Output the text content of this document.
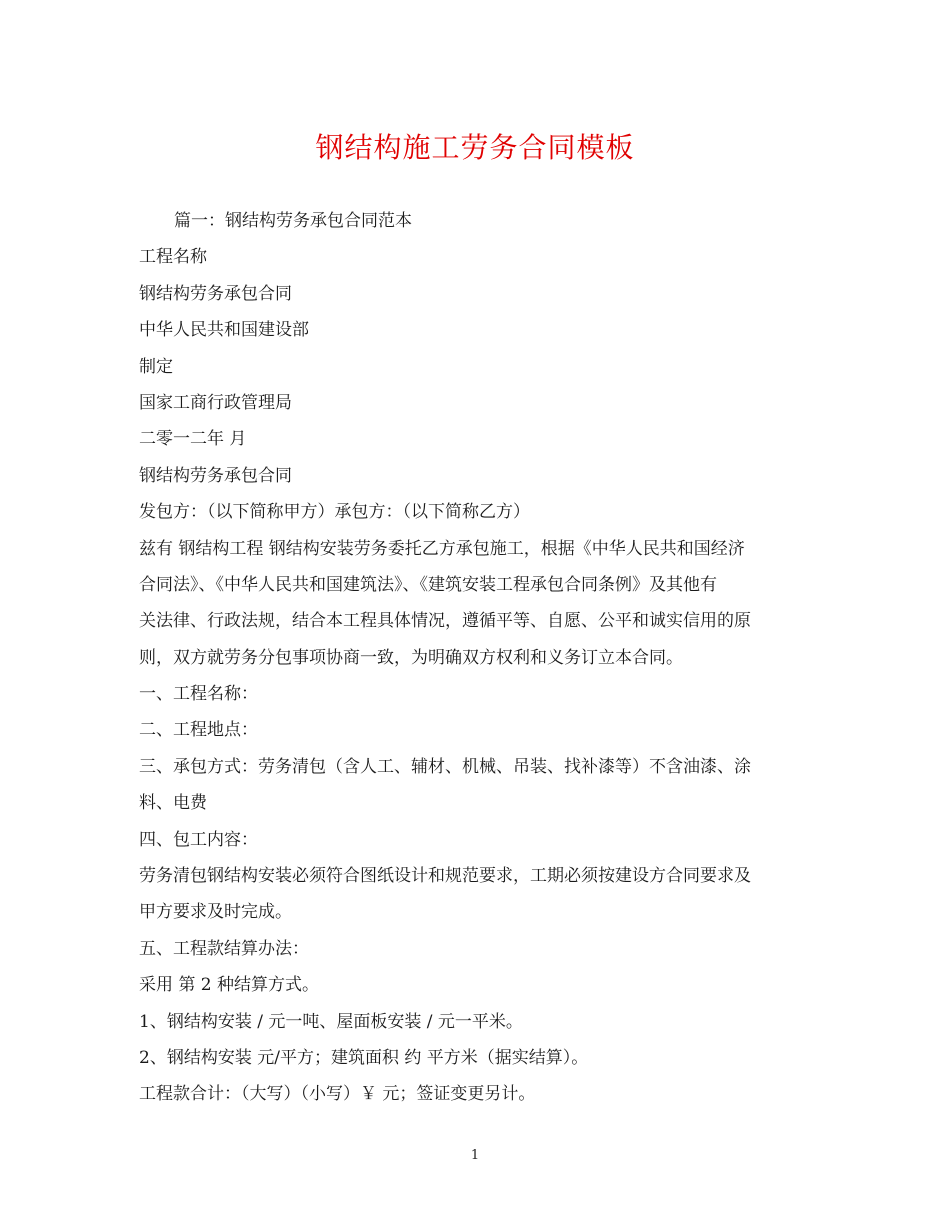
钢结构施工劳务合同模板
篇一：钢结构劳务承包合同范本
工程名称
钢结构劳务承包合同
中华人民共和国建设部
制定
国家工商行政管理局
二零一二年 月
钢结构劳务承包合同
发包方：（以下简称甲方）承包方：（以下简称乙方）
兹有 钢结构工程 钢结构安装劳务委托乙方承包施工，根据《中华人民共和国经济
合同法》、《中华人民共和国建筑法》、《建筑安装工程承包合同条例》及其他有
关法律、行政法规，结合本工程具体情况，遵循平等、自愿、公平和诚实信用的原
则，双方就劳务分包事项协商一致，为明确双方权利和义务订立本合同。
一、工程名称：
二、工程地点：
三、承包方式：劳务清包（含人工、辅材、机械、吊装、找补漆等）不含油漆、涂
料、电费
四、包工内容：
劳务清包钢结构安装必须符合图纸设计和规范要求，工期必须按建设方合同要求及
甲方要求及时完成。
五、工程款结算办法：
采用 第 2 种结算方式。
1、钢结构安装 / 元一吨、屋面板安装 / 元一平米。
2、钢结构安装 元/平方；建筑面积 约 平方米（据实结算）。
工程款合计：（大写）（小写）￥ 元；签证变更另计。
1
